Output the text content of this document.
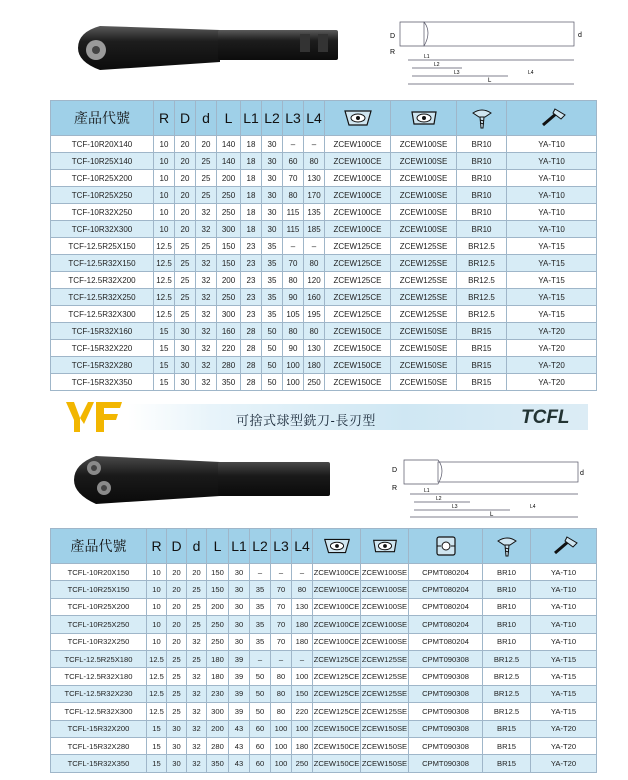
d
D
R
L1
L2
L3	L4
L
產品代號	R	D	d	L	L1	L2	L3	L4				
TCF-10R20X140	10	20	20	140	18	30	–	–	ZCEW100CE	ZCEW100SE	BR10	YA-T10
TCF-10R25X140	10	20	25	140	18	30	60	80	ZCEW100CE	ZCEW100SE	BR10	YA-T10
TCF-10R25X200	10	20	25	200	18	30	70	130	ZCEW100CE	ZCEW100SE	BR10	YA-T10
TCF-10R25X250	10	20	25	250	18	30	80	170	ZCEW100CE	ZCEW100SE	BR10	YA-T10
TCF-10R32X250	10	20	32	250	18	30	115	135	ZCEW100CE	ZCEW100SE	BR10	YA-T10
TCF-10R32X300	10	20	32	300	18	30	115	185	ZCEW100CE	ZCEW100SE	BR10	YA-T10
TCF-12.5R25X150	12.5	25	25	150	23	35	–	–	ZCEW125CE	ZCEW125SE	BR12.5	YA-T15
TCF-12.5R32X150	12.5	25	32	150	23	35	70	80	ZCEW125CE	ZCEW125SE	BR12.5	YA-T15
TCF-12.5R32X200	12.5	25	32	200	23	35	80	120	ZCEW125CE	ZCEW125SE	BR12.5	YA-T15
TCF-12.5R32X250	12.5	25	32	250	23	35	90	160	ZCEW125CE	ZCEW125SE	BR12.5	YA-T15
TCF-12.5R32X300	12.5	25	32	300	23	35	105	195	ZCEW125CE	ZCEW125SE	BR12.5	YA-T15
TCF-15R32X160	15	30	32	160	28	50	80	80	ZCEW150CE	ZCEW150SE	BR15	YA-T20
TCF-15R32X220	15	30	32	220	28	50	90	130	ZCEW150CE	ZCEW150SE	BR15	YA-T20
TCF-15R32X280	15	30	32	280	28	50	100	180	ZCEW150CE	ZCEW150SE	BR15	YA-T20
TCF-15R32X350	15	30	32	350	28	50	100	250	ZCEW150CE	ZCEW150SE	BR15	YA-T20
可捨式球型銑刀-長刃型	TCFL
d
D
R	L1
L2
L3	L4
L
產品代號	R	D	d	L	L1	L2	L3	L4					
TCFL-10R20X150	10	20	20	150	30	–	–	–	ZCEW100CE	ZCEW100SE	CPMT080204	BR10	YA-T10
TCFL-10R25X150	10	20	25	150	30	35	70	80	ZCEW100CE	ZCEW100SE	CPMT080204	BR10	YA-T10
TCFL-10R25X200	10	20	25	200	30	35	70	130	ZCEW100CE	ZCEW100SE	CPMT080204	BR10	YA-T10
TCFL-10R25X250	10	20	25	250	30	35	70	180	ZCEW100CE	ZCEW100SE	CPMT080204	BR10	YA-T10
TCFL-10R32X250	10	20	32	250	30	35	70	180	ZCEW100CE	ZCEW100SE	CPMT080204	BR10	YA-T10
TCFL-12.5R25X180	12.5	25	25	180	39	–	–	–	ZCEW125CE	ZCEW125SE	CPMT090308	BR12.5	YA-T15
TCFL-12.5R32X180	12.5	25	32	180	39	50	80	100	ZCEW125CE	ZCEW125SE	CPMT090308	BR12.5	YA-T15
TCFL-12.5R32X230	12.5	25	32	230	39	50	80	150	ZCEW125CE	ZCEW125SE	CPMT090308	BR12.5	YA-T15
TCFL-12.5R32X300	12.5	25	32	300	39	50	80	220	ZCEW125CE	ZCEW125SE	CPMT090308	BR12.5	YA-T15
TCFL-15R32X200	15	30	32	200	43	60	100	100	ZCEW150CE	ZCEW150SE	CPMT090308	BR15	YA-T20
TCFL-15R32X280	15	30	32	280	43	60	100	180	ZCEW150CE	ZCEW150SE	CPMT090308	BR15	YA-T20
TCFL-15R32X350	15	30	32	350	43	60	100	250	ZCEW150CE	ZCEW150SE	CPMT090308	BR15	YA-T20
